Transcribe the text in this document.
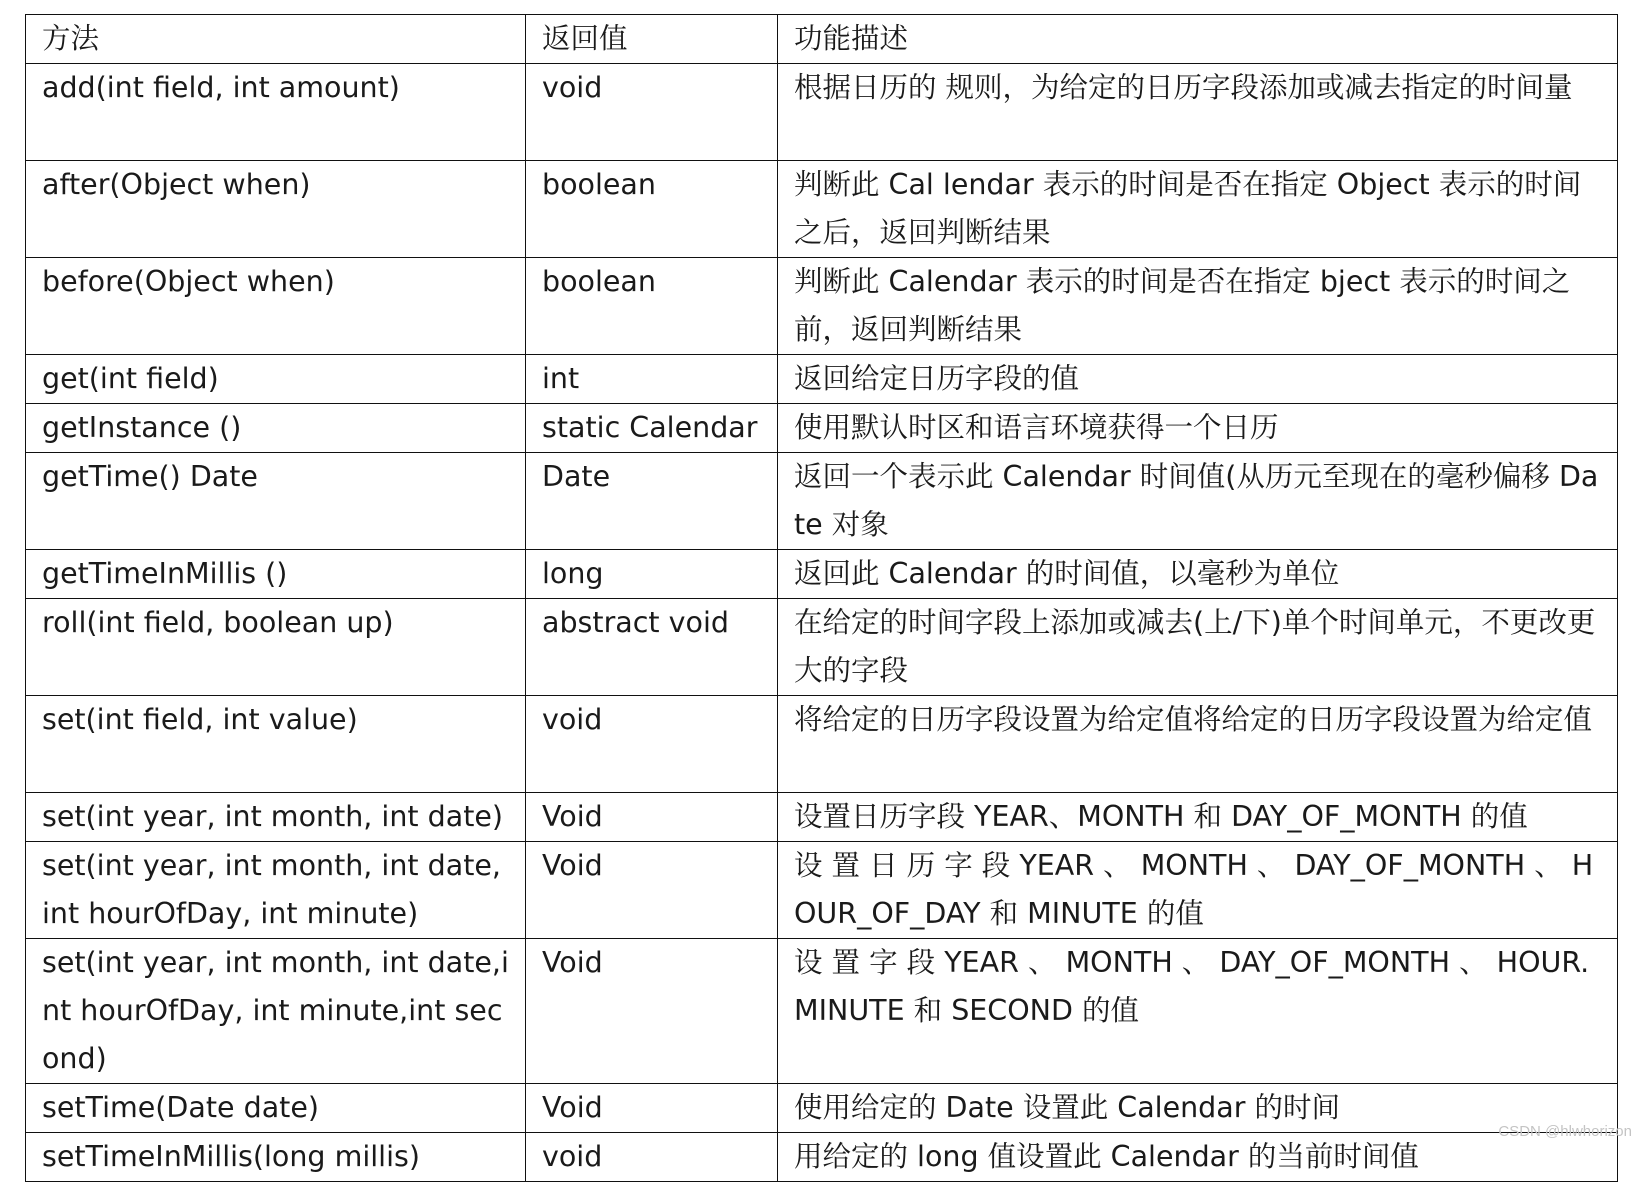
方法	返回值	功能描述
add(int field, int amount)	void	根据日历的 规则，为给定的日历字段添加或减去指定的时间量
after(Object when)	boolean	判断此 Cal lendar 表示的时间是否在指定 Object 表示的时间之后，返回判断结果
before(Object when)	boolean	判断此 Calendar 表示的时间是否在指定 bject 表示的时间之前，返回判断结果
get(int field)	int	返回给定日历字段的值
getInstance ()	static Calendar	使用默认时区和语言环境获得一个日历
getTime() Date	Date	返回一个表示此 Calendar 时间值(从历元至现在的毫秒偏移 Date 对象
getTimeInMillis ()	long	返回此 Calendar 的时间值，以毫秒为单位
roll(int field, boolean up)	abstract void	在给定的时间字段上添加或减去(上/下)单个时间单元，不更改更大的字段
set(int field, int value)	void	将给定的日历字段设置为给定值将给定的日历字段设置为给定值
set(int year, int month, int date)	Void	设置日历字段 YEAR、MONTH 和 DAY_OF_MONTH 的值
set(int year, int month, int date, int hourOfDay, int minute)	Void	设 置 日 历 字 段 YEAR 、 MONTH 、 DAY_OF_MONTH 、 HOUR_OF_DAY 和 MINUTE 的值
set(int year, int month, int date,int hourOfDay, int minute,int second)	Void	设 置 字 段 YEAR 、 MONTH 、 DAY_OF_MONTH 、 HOUR.MINUTE 和 SECOND 的值
setTime(Date date)	Void	使用给定的 Date 设置此 Calendar 的时间
setTimeInMillis(long millis)	void	用给定的 long 值设置此 Calendar 的当前时间值
CSDN @hlwhorizon
